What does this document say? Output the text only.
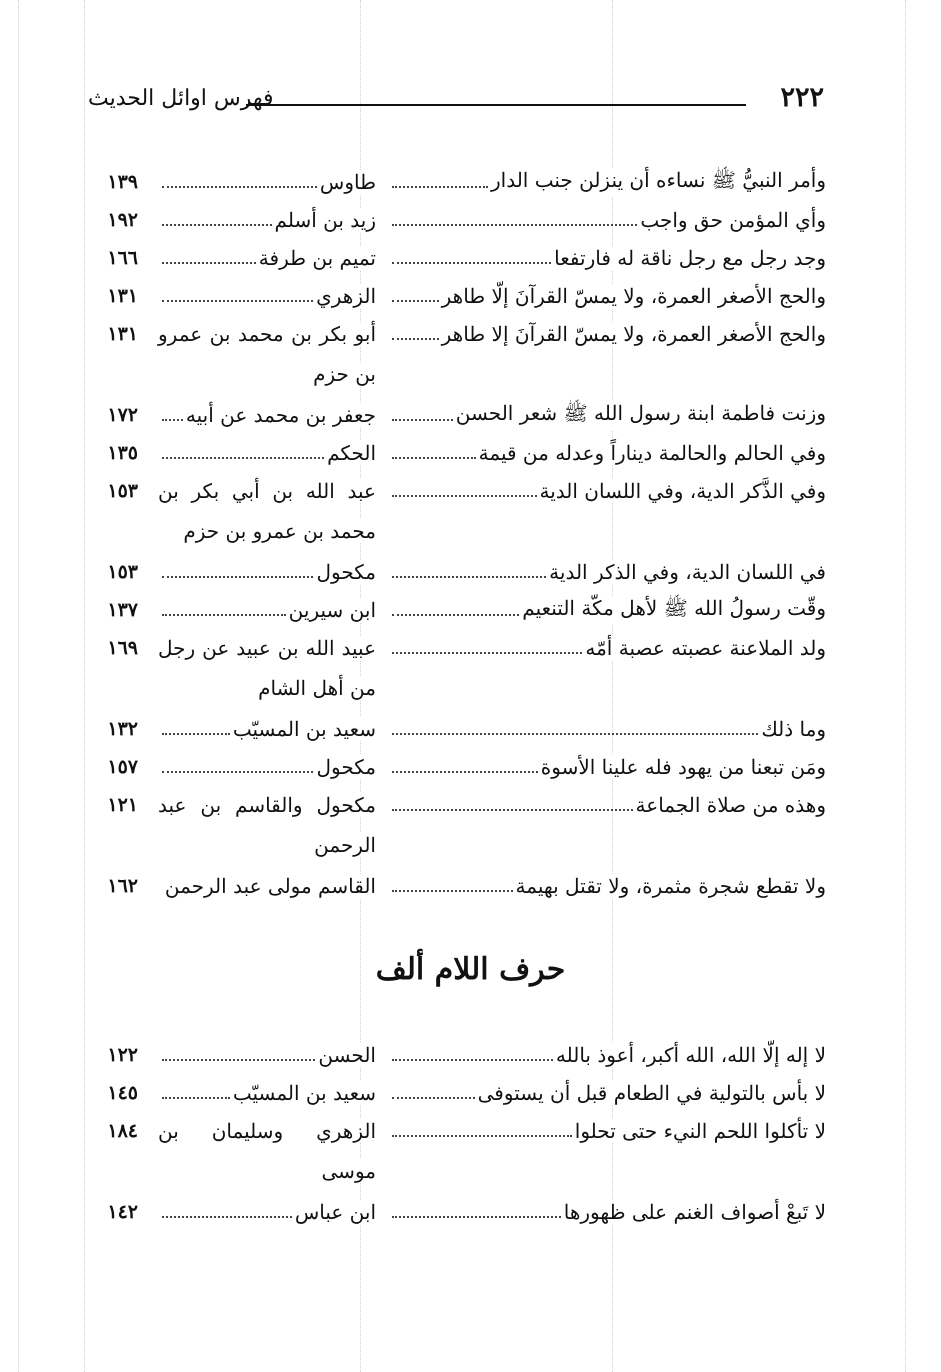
٢٢٢
فهرس اوائل الحديث
وأمر النبيُّ ﷺ نساءه أن ينزلن جنب الدار
طاوس
١٣٩
وأي المؤمن حق واجب
زيد بن أسلم
١٩٢
وجد رجل مع رجل ناقة له فارتفعا
تميم بن طرفة
١٦٦
والحج الأصغر العمرة، ولا يمسّ القرآنَ إلّا طاهر
الزهري
١٣١
والحج الأصغر العمرة، ولا يمسّ القرآنَ إلا طاهر
أبو بكر بن محمد بن عمرو بن حزم
١٣١
وزنت فاطمة ابنة رسول الله ﷺ شعر الحسن
جعفر بن محمد عن أبيه
١٧٢
وفي الحالم والحالمة ديناراً وعدله من قيمة
الحكم
١٣٥
وفي الذَّكر الدية، وفي اللسان الدية
عبد الله بن أبي بكر بن محمد بن عمرو بن حزم
١٥٣
في اللسان الدية، وفي الذكر الدية
مكحول
١٥٣
وقّت رسولُ الله ﷺ لأهل مكّة التنعيم
ابن سيرين
١٣٧
ولد الملاعنة عصبته عصبة أمّه
عبيد الله بن عبيد عن رجل من أهل الشام
١٦٩
وما ذلك
سعيد بن المسيّب
١٣٢
ومَن تبعنا من يهود فله علينا الأسوة
مكحول
١٥٧
وهذه من صلاة الجماعة
مكحول والقاسم بن عبد الرحمن
١٢١
ولا تقطع شجرة مثمرة، ولا تقتل بهيمة
القاسم مولى عبد الرحمن
١٦٢
حرف اللام ألف
لا إله إلّا الله، الله أكبر، أعوذ بالله
الحسن
١٢٢
لا بأس بالتولية في الطعام قبل أن يستوفى
سعيد بن المسيّب
١٤٥
لا تأكلوا اللحم النيء حتى تحلوا
الزهري وسليمان بن موسى
١٨٤
لا تَبعْ أصواف الغنم على ظهورها
ابن عباس
١٤٢
